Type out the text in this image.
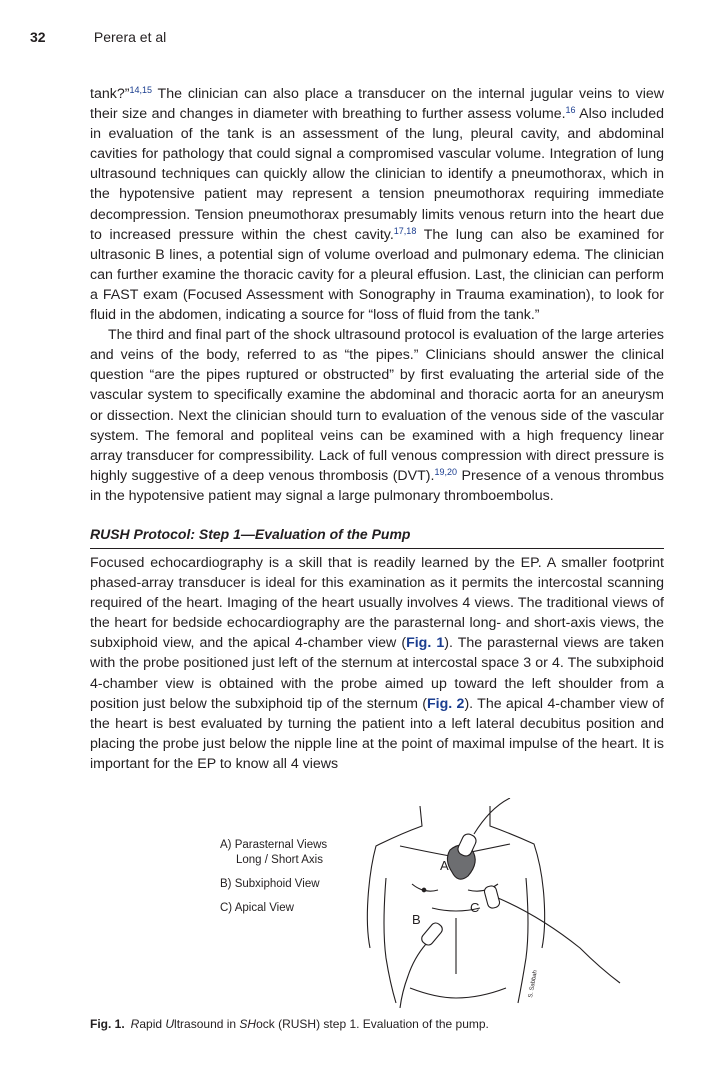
32	Perera et al

tank?”$^{14,15}$ The clinician can also place a transducer on the internal jugular veins to view their size and changes in diameter with breathing to further assess volume.$^{16}$ Also included in evaluation of the tank is an assessment of the lung, pleural cavity, and abdominal cavities for pathology that could signal a compromised vascular volume. Integration of lung ultrasound techniques can quickly allow the clinician to identify a pneumothorax, which in the hypotensive patient may represent a tension pneumothorax requiring immediate decompression. Tension pneumothorax presumably limits venous return into the heart due to increased pressure within the chest cavity.$^{17,18}$ The lung can also be examined for ultrasonic B lines, a potential sign of volume overload and pulmonary edema. The clinician can further examine the thoracic cavity for a pleural effusion. Last, the clinician can perform a FAST exam (Focused Assessment with Sonography in Trauma examination), to look for fluid in the abdomen, indicating a source for “loss of fluid from the tank.”

The third and final part of the shock ultrasound protocol is evaluation of the large arteries and veins of the body, referred to as “the pipes.” Clinicians should answer the clinical question “are the pipes ruptured or obstructed” by first evaluating the arterial side of the vascular system to specifically examine the abdominal and thoracic aorta for an aneurysm or dissection. Next the clinician should turn to evaluation of the venous side of the vascular system. The femoral and popliteal veins can be examined with a high frequency linear array transducer for compressibility. Lack of full venous compression with direct pressure is highly suggestive of a deep venous thrombosis (DVT).$^{19,20}$ Presence of a venous thrombus in the hypotensive patient may signal a large pulmonary thromboembolus.

RUSH Protocol: Step 1—Evaluation of the Pump

Focused echocardiography is a skill that is readily learned by the EP. A smaller footprint phased-array transducer is ideal for this examination as it permits the intercostal scanning required of the heart. Imaging of the heart usually involves 4 views. The traditional views of the heart for bedside echocardiography are the parasternal long- and short-axis views, the subxiphoid view, and the apical 4-chamber view (Fig. 1). The parasternal views are taken with the probe positioned just left of the sternum at intercostal space 3 or 4. The subxiphoid 4-chamber view is obtained with the probe aimed up toward the left shoulder from a position just below the subxiphoid tip of the sternum (Fig. 2). The apical 4-chamber view of the heart is best evaluated by turning the patient into a left lateral decubitus position and placing the probe just below the nipple line at the point of maximal impulse of the heart. It is important for the EP to know all 4 views

A) Parasternal Views
Long / Short Axis
B) Subxiphoid View
C) Apical View
A
C
B
S. Sabbah
Fig. 1. Rapid Ultrasound in SHock (RUSH) step 1. Evaluation of the pump.
